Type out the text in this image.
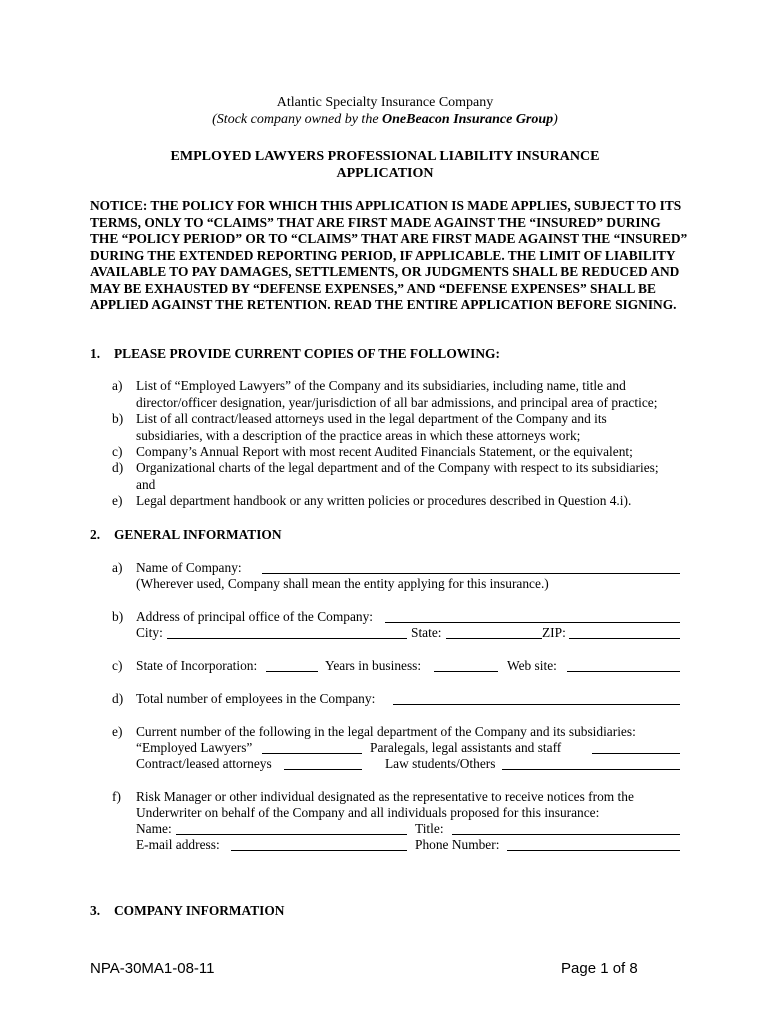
Atlantic Specialty Insurance Company
(Stock company owned by the OneBeacon Insurance Group)
EMPLOYED LAWYERS PROFESSIONAL LIABILITY INSURANCE
APPLICATION
NOTICE: THE POLICY FOR WHICH THIS APPLICATION IS MADE APPLIES, SUBJECT TO ITS TERMS, ONLY TO “CLAIMS” THAT ARE FIRST MADE AGAINST THE “INSURED” DURING THE “POLICY PERIOD” OR TO “CLAIMS” THAT ARE FIRST MADE AGAINST THE “INSURED” DURING THE EXTENDED REPORTING PERIOD, IF APPLICABLE. THE LIMIT OF LIABILITY AVAILABLE TO PAY DAMAGES, SETTLEMENTS, OR JUDGMENTS SHALL BE REDUCED AND MAY BE EXHAUSTED BY “DEFENSE EXPENSES,” AND “DEFENSE EXPENSES” SHALL BE APPLIED AGAINST THE RETENTION. READ THE ENTIRE APPLICATION BEFORE SIGNING.
1. PLEASE PROVIDE CURRENT COPIES OF THE FOLLOWING:
a) List of “Employed Lawyers” of the Company and its subsidiaries, including name, title and
director/officer designation, year/jurisdiction of all bar admissions, and principal area of practice;
b) List of all contract/leased attorneys used in the legal department of the Company and its
subsidiaries, with a description of the practice areas in which these attorneys work;
c) Company’s Annual Report with most recent Audited Financials Statement, or the equivalent;
d) Organizational charts of the legal department and of the Company with respect to its subsidiaries;
and
e) Legal department handbook or any written policies or procedures described in Question 4.i).
2. GENERAL INFORMATION
a) Name of Company:
(Wherever used, Company shall mean the entity applying for this insurance.)
b) Address of principal office of the Company:
City:	State:	ZIP:
c) State of Incorporation:	Years in business:	Web site:
d) Total number of employees in the Company:
e) Current number of the following in the legal department of the Company and its subsidiaries:
“Employed Lawyers”	Paralegals, legal assistants and staff
Contract/leased attorneys	Law students/Others
f) Risk Manager or other individual designated as the representative to receive notices from the
Underwriter on behalf of the Company and all individuals proposed for this insurance:
Name:	Title:
E-mail address:	Phone Number:
3. COMPANY INFORMATION
NPA-30MA1-08-11	Page 1 of 8
